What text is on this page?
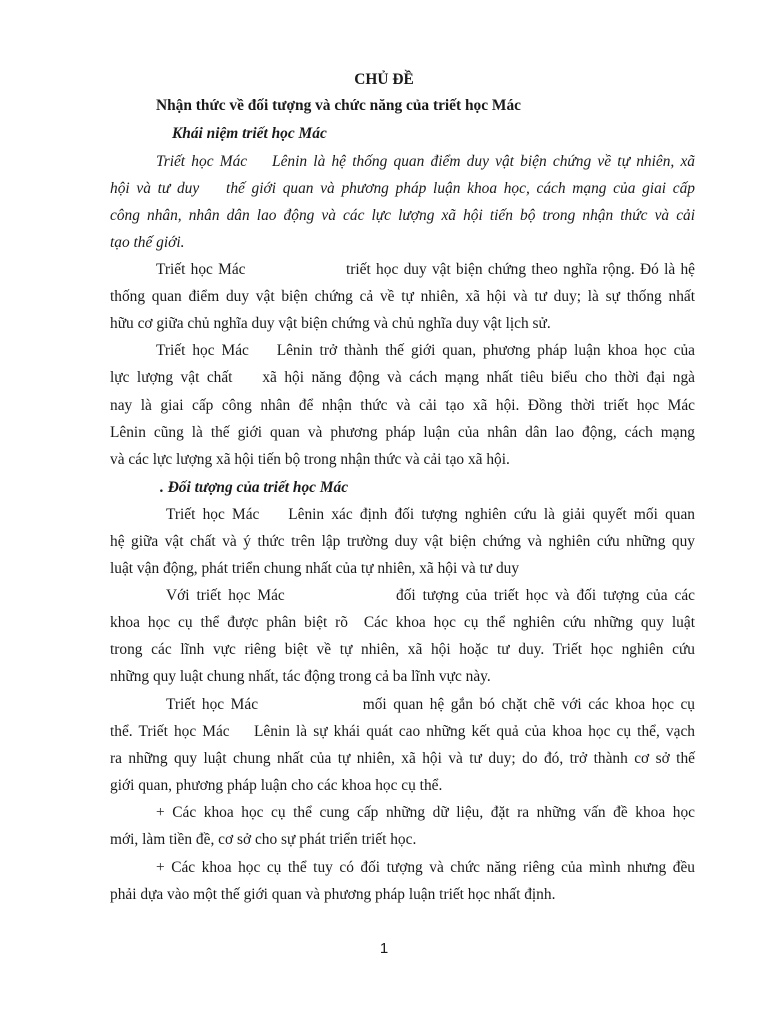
CHỦ ĐỀ
Nhận thức về đối tượng và chức năng của triết học Mác
Khái niệm triết học Mác
Triết học Mác    Lênin là hệ thống quan điểm duy vật biện chứng về tự nhiên, xã
hội và tư duy    thế giới quan và phương pháp luận khoa học, cách mạng của giai cấp
công nhân, nhân dân lao động và các lực lượng xã hội tiến bộ trong nhận thức và cải
tạo thế giới.
Triết học Mác                   triết học duy vật biện chứng theo nghĩa rộng. Đó là hệ
thống quan điểm duy vật biện chứng cả về tự nhiên, xã hội và tư duy; là sự thống nhất
hữu cơ giữa chủ nghĩa duy vật biện chứng và chủ nghĩa duy vật lịch sử.
Triết học Mác    Lênin trở thành thế giới quan, phương pháp luận khoa học của
lực lượng vật chất    xã hội năng động và cách mạng nhất tiêu biểu cho thời đại ngà
nay là giai cấp công nhân để nhận thức và cải tạo xã hội. Đồng thời triết học Mác
Lênin cũng là thế giới quan và phương pháp luận của nhân dân lao động, cách mạng
và các lực lượng xã hội tiến bộ trong nhận thức và cải tạo xã hội.
. Đối tượng của triết học Mác
Triết học Mác    Lênin xác định đối tượng nghiên cứu là giải quyết mối quan
hệ giữa vật chất và ý thức trên lập trường duy vật biện chứng và nghiên cứu những quy
luật vận động, phát triển chung nhất của tự nhiên, xã hội và tư duy
Với triết học Mác                đối tượng của triết học và đối tượng của các
khoa học cụ thể được phân biệt rõ  Các khoa học cụ thể nghiên cứu những quy luật
trong các lĩnh vực riêng biệt về tự nhiên, xã hội hoặc tư duy. Triết học nghiên cứu
những quy luật chung nhất, tác động trong cả ba lĩnh vực này.
Triết học Mác                mối quan hệ gắn bó chặt chẽ với các khoa học cụ
thể. Triết học Mác    Lênin là sự khái quát cao những kết quả của khoa học cụ thể, vạch
ra những quy luật chung nhất của tự nhiên, xã hội và tư duy; do đó, trở thành cơ sở thế
giới quan, phương pháp luận cho các khoa học cụ thể.
+ Các khoa học cụ thể cung cấp những dữ liệu, đặt ra những vấn đề khoa học
mới, làm tiền đề, cơ sở cho sự phát triển triết học.
+ Các khoa học cụ thể tuy có đối tượng và chức năng riêng của mình nhưng đều
phải dựa vào một thế giới quan và phương pháp luận triết học nhất định.
1
